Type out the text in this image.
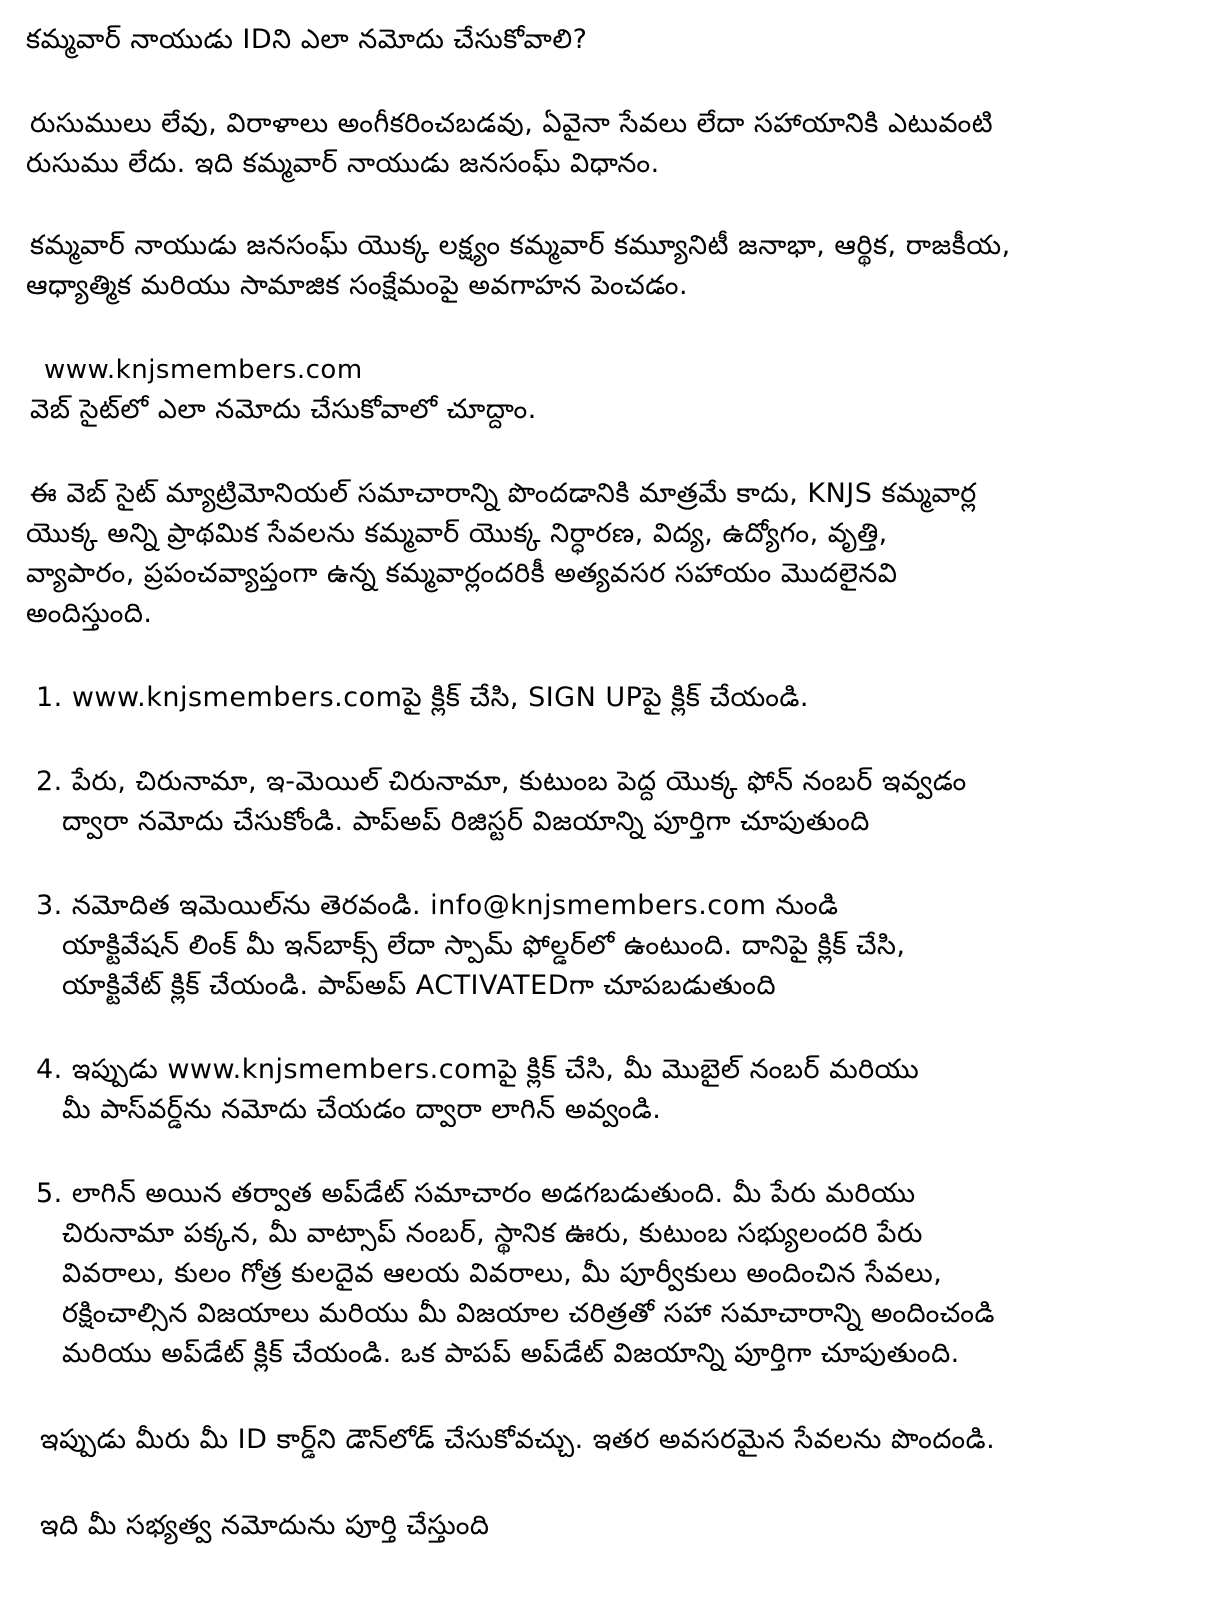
కమ్మవార్ నాయుడు IDని ఎలా నమోదు చేసుకోవాలి?

రుసుములు లేవు, విరాళాలు అంగీకరించబడవు, ఏవైనా సేవలు లేదా సహాయానికి ఎటువంటి

రుసుము లేదు. ఇది కమ్మవార్ నాయుడు జనసంఘ్ విధానం.

కమ్మవార్ నాయుడు జనసంఘ్ యొక్క లక్ష్యం కమ్మవార్ కమ్యూనిటీ జనాభా, ఆర్థిక, రాజకీయ,

ఆధ్యాత్మిక మరియు సామాజిక సంక్షేమంపై అవగాహన పెంచడం.

www.knjsmembers.com

వెబ్ సైట్‌లో ఎలా నమోదు చేసుకోవాలో చూద్దాం.

ఈ వెబ్ సైట్ మ్యాట్రిమోనియల్ సమాచారాన్ని పొందడానికి మాత్రమే కాదు, KNJS కమ్మవార్ల

యొక్క అన్ని ప్రాథమిక సేవలను కమ్మవార్ యొక్క నిర్ధారణ, విద్య, ఉద్యోగం, వృత్తి,

వ్యాపారం, ప్రపంచవ్యాప్తంగా ఉన్న కమ్మవార్లందరికీ అత్యవసర సహాయం మొదలైనవి

అందిస్తుంది.

1. www.knjsmembers.comపై క్లిక్ చేసి, SIGN UPపై క్లిక్ చేయండి.

2. పేరు, చిరునామా, ఇ-మెయిల్ చిరునామా, కుటుంబ పెద్ద యొక్క ఫోన్ నంబర్ ఇవ్వడం

ద్వారా నమోదు చేసుకోండి. పాప్అప్ రిజిస్టర్ విజయాన్ని పూర్తిగా చూపుతుంది

3. నమోదిత ఇమెయిల్‌ను తెరవండి. info@knjsmembers.com నుండి

యాక్టివేషన్ లింక్ మీ ఇన్‌బాక్స్ లేదా స్పామ్ ఫోల్డర్‌లో ఉంటుంది. దానిపై క్లిక్ చేసి,

యాక్టివేట్ క్లిక్ చేయండి. పాప్అప్ ACTIVATEDగా చూపబడుతుంది

4. ఇప్పుడు www.knjsmembers.comపై క్లిక్ చేసి, మీ మొబైల్ నంబర్ మరియు

మీ పాస్‌వర్డ్‌ను నమోదు చేయడం ద్వారా లాగిన్ అవ్వండి.

5. లాగిన్ అయిన తర్వాత అప్‌డేట్ సమాచారం అడగబడుతుంది. మీ పేరు మరియు

చిరునామా పక్కన, మీ వాట్సాప్ నంబర్, స్థానిక ఊరు, కుటుంబ సభ్యులందరి పేరు

వివరాలు, కులం గోత్ర కులదైవ ఆలయ వివరాలు, మీ పూర్వీకులు అందించిన సేవలు,

రక్షించాల్సిన విజయాలు మరియు మీ విజయాల చరిత్రతో సహా సమాచారాన్ని అందించండి

మరియు అప్‌డేట్ క్లిక్ చేయండి. ఒక పాపప్ అప్‌డేట్ విజయాన్ని పూర్తిగా చూపుతుంది.

ఇప్పుడు మీరు మీ ID కార్డ్‌ని డౌన్‌లోడ్ చేసుకోవచ్చు. ఇతర అవసరమైన సేవలను పొందండి.

ఇది మీ సభ్యత్వ నమోదును పూర్తి చేస్తుంది
